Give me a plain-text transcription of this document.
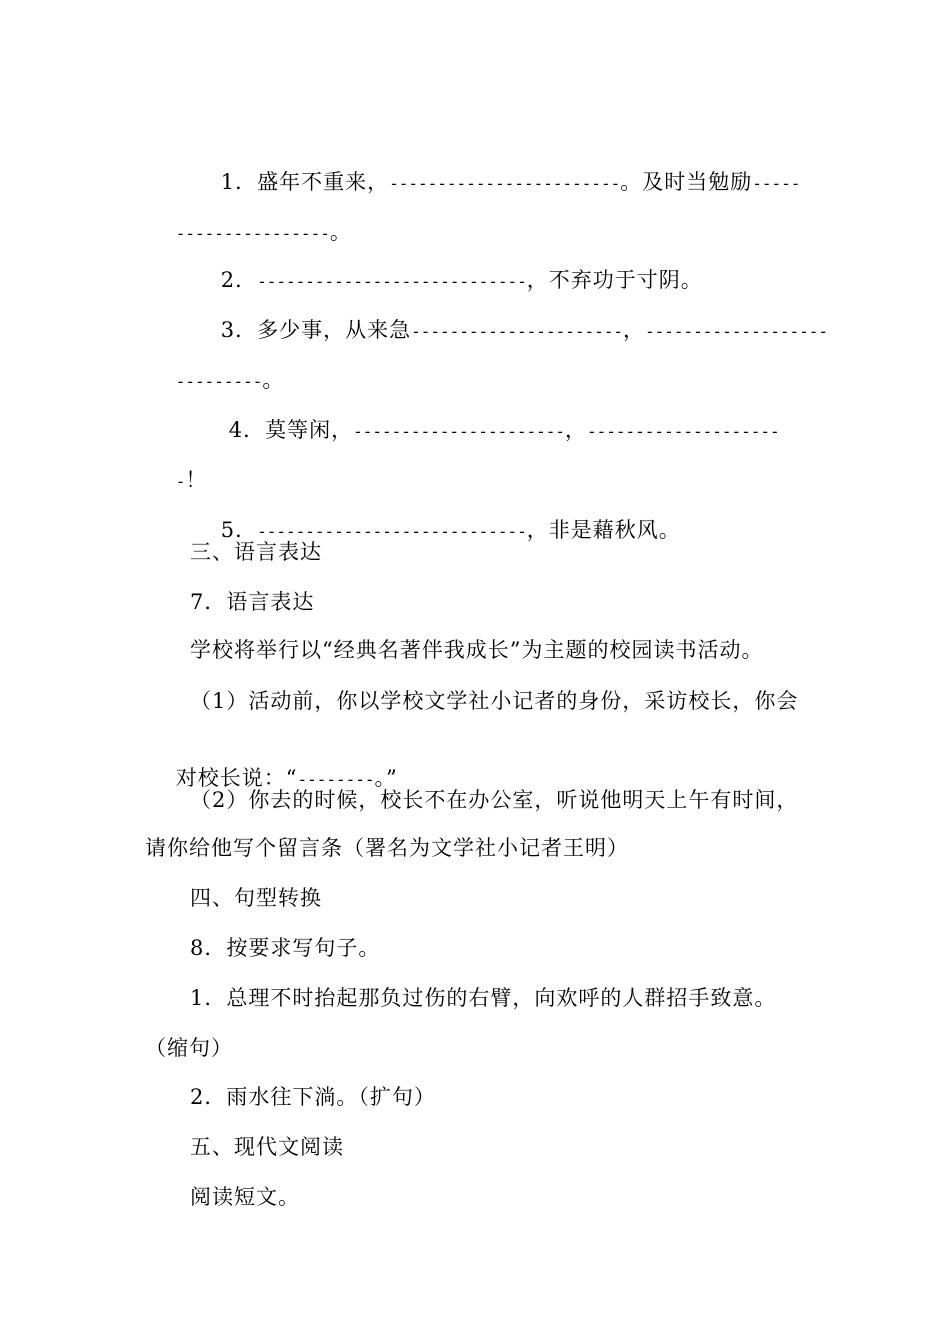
1．盛年不重来，------------------------。及时当勉励-----

----------------。

2．----------------------------，不弃功于寸阴。

3．多少事，从来急----------------------，-------------------

---------。

4．莫等闲，----------------------，--------------------

-！

5．----------------------------，非是藉秋风。

三、语言表达
7．语言表达
学校将举行以“经典名著伴我成长”为主题的校园读书活动。
（1）活动前，你以学校文学社小记者的身份，采访校长，你会

对校长说：“--------。”

（2）你去的时候，校长不在办公室，听说他明天上午有时间，
请你给他写个留言条（署名为文学社小记者王明）
四、句型转换
8．按要求写句子。
1．总理不时抬起那负过伤的右臂，向欢呼的人群招手致意。
（缩句）
2．雨水往下淌。（扩句）
五、现代文阅读
阅读短文。
